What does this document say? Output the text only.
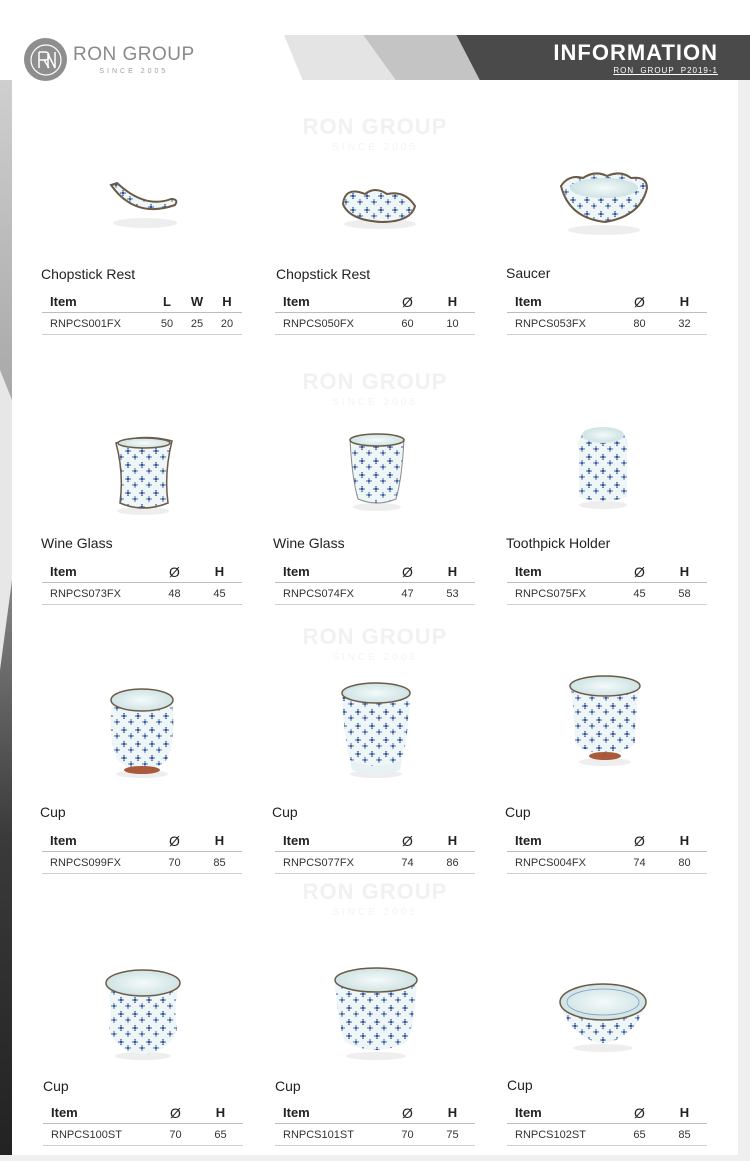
RON GROUP
SINCE 2005
INFORMATION
RON GROUP P2019-1
RON GROUP
SINCE 2005
RON GROUP
SINCE 2005
RON GROUP
SINCE 2005
RON GROUP
SINCE 2005
Chopstick Rest
Item	L	W	H
RNPCS001FX	50	25	20
Chopstick Rest
Item	Ø	H
RNPCS050FX	60	10
Saucer
Item	Ø	H
RNPCS053FX	80	32
Wine Glass
Item	Ø	H
RNPCS073FX	48	45
Wine Glass
Item	Ø	H
RNPCS074FX	47	53
Toothpick Holder
Item	Ø	H
RNPCS075FX	45	58
Cup
Item	Ø	H
RNPCS099FX	70	85
Cup
Item	Ø	H
RNPCS077FX	74	86
Cup
Item	Ø	H
RNPCS004FX	74	80
Cup
Item	Ø	H
RNPCS100ST	70	65
Cup
Item	Ø	H
RNPCS101ST	70	75
Cup
Item	Ø	H
RNPCS102ST	65	85
